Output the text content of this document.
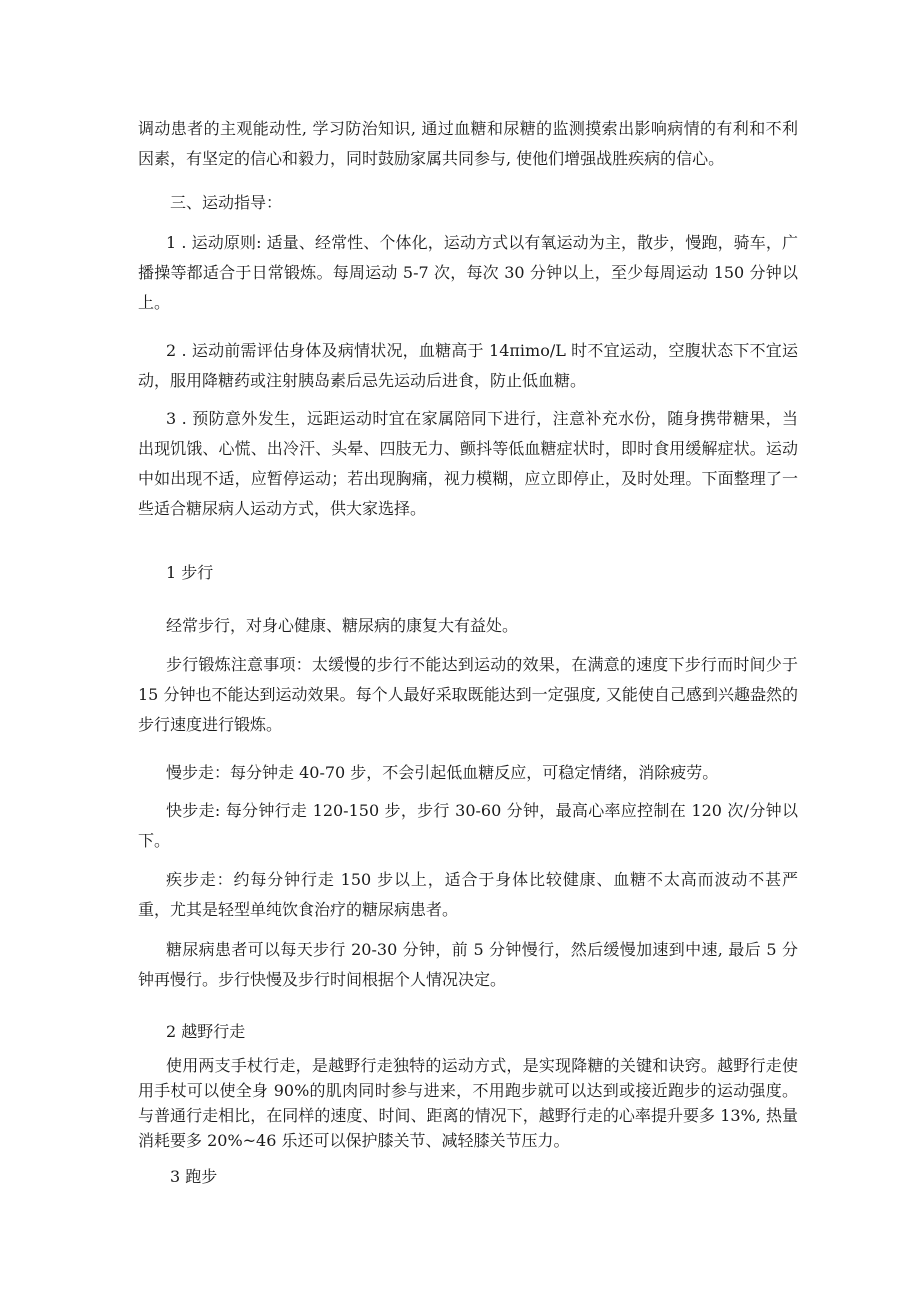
调动患者的主观能动性, 学习防治知识, 通过血糖和尿糖的监测摸索出影响病情的有利和不利因素，有坚定的信心和毅力，同时鼓励家属共同参与, 使他们增强战胜疾病的信心。

三、运动指导：

1 . 运动原则: 适量、经常性、个体化，运动方式以有氧运动为主，散步，慢跑，骑车，广播操等都适合于日常锻炼。每周运动 5-7 次，每次 30 分钟以上，至少每周运动 150 分钟以上。

2 . 运动前需评估身体及病情状况，血糖高于 14πimo∕L 时不宜运动，空腹状态下不宜运动，服用降糖药或注射胰岛素后忌先运动后进食，防止低血糖。

3 . 预防意外发生，远距运动时宜在家属陪同下进行，注意补充水份，随身携带糖果，当出现饥饿、心慌、出冷汗、头晕、四肢无力、颤抖等低血糖症状时，即时食用缓解症状。运动中如出现不适，应暂停运动；若出现胸痛，视力模糊，应立即停止，及时处理。下面整理了一些适合糖尿病人运动方式，供大家选择。

1 步行

经常步行，对身心健康、糖尿病的康复大有益处。

步行锻炼注意事项：太缓慢的步行不能达到运动的效果，在满意的速度下步行而时间少于 15 分钟也不能达到运动效果。每个人最好采取既能达到一定强度, 又能使自己感到兴趣盎然的步行速度进行锻炼。

慢步走：每分钟走 40-70 步，不会引起低血糖反应，可稳定情绪，消除疲劳。

快步走: 每分钟行走 120-150 步，步行 30-60 分钟，最高心率应控制在 120 次/分钟以下。

疾步走：约每分钟行走 150 步以上，适合于身体比较健康、血糖不太高而波动不甚严重，尤其是轻型单纯饮食治疗的糖尿病患者。

糖尿病患者可以每天步行 20-30 分钟，前 5 分钟慢行，然后缓慢加速到中速, 最后 5 分钟再慢行。步行快慢及步行时间根据个人情况决定。

2 越野行走

使用两支手杖行走，是越野行走独特的运动方式，是实现降糖的关键和诀窍。越野行走使用手杖可以使全身 90%的肌肉同时参与进来，不用跑步就可以达到或接近跑步的运动强度。与普通行走相比，在同样的速度、时间、距离的情况下，越野行走的心率提升要多 13%, 热量消耗要多 20%~46 乐还可以保护膝关节、减轻膝关节压力。

3 跑步
